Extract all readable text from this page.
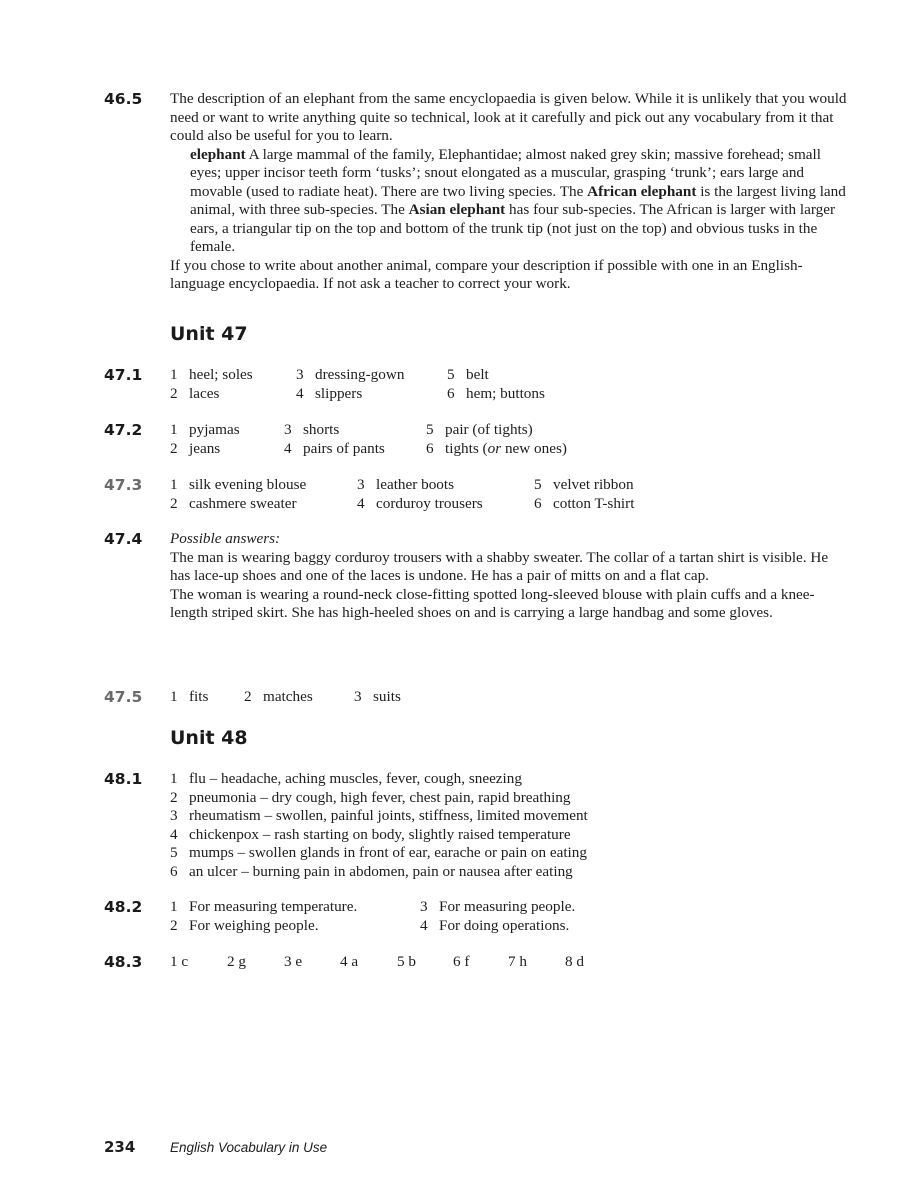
46.5 The description of an elephant from the same encyclopaedia is given below. While it is unlikely that you would need or want to write anything quite so technical, look at it carefully and pick out any vocabulary from it that could also be useful for you to learn.

elephant A large mammal of the family, Elephantidae; almost naked grey skin; massive forehead; small eyes; upper incisor teeth form ‘tusks’; snout elongated as a muscular, grasping ‘trunk’; ears large and movable (used to radiate heat). There are two living species. The African elephant is the largest living land animal, with three sub-species. The Asian elephant has four sub-species. The African is larger with larger ears, a triangular tip on the top and bottom of the trunk tip (not just on the top) and obvious tusks in the female.

If you chose to write about another animal, compare your description if possible with one in an English-language encyclopaedia. If not ask a teacher to correct your work.

Unit 47
47.1 1 heel; soles	3 dressing-gown	5 belt
2 laces	4 slippers	6 hem; buttons
47.2 1 pyjamas	3 shorts	5 pair (of tights)
2 jeans	4 pairs of pants	6 tights (or new ones)
47.3 1 silk evening blouse	3 leather boots	5 velvet ribbon
2 cashmere sweater	4 corduroy trousers	6 cotton T-shirt
47.4 Possible answers:

The man is wearing baggy corduroy trousers with a shabby sweater. The collar of a tartan shirt is visible. He has lace-up shoes and one of the laces is undone. He has a pair of mitts on and a flat cap.

The woman is wearing a round-neck close-fitting spotted long-sleeved blouse with plain cuffs and a knee-length striped skirt. She has high-heeled shoes on and is carrying a large handbag and some gloves.

47.5 1 fits 2 matches	3 suits
Unit 48
48.1 1 flu – headache, aching muscles, fever, cough, sneezing
2 pneumonia – dry cough, high fever, chest pain, rapid breathing
3 rheumatism – swollen, painful joints, stiffness, limited movement
4 chickenpox – rash starting on body, slightly raised temperature
5 mumps – swollen glands in front of ear, earache or pain on eating
6 an ulcer – burning pain in abdomen, pain or nausea after eating
48.2 1 For measuring temperature.	3 For measuring people.
2 For weighing people.	4 For doing operations.
48.3 1 c	2 g	3 e 4 a	5 b 6 f	7 h	8 d
234	English Vocabulary in Use
